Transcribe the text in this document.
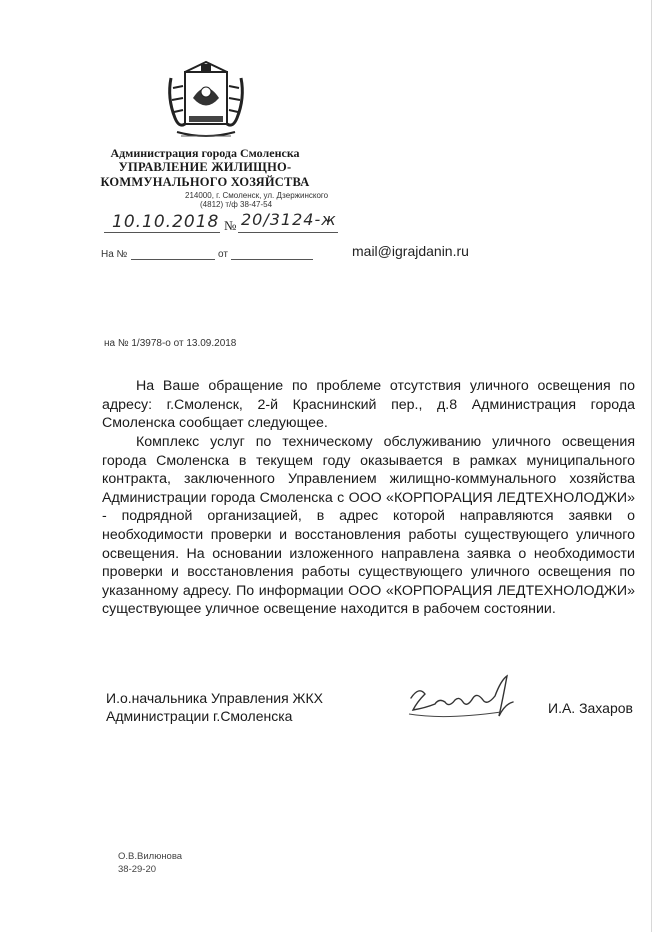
Администрация города Смоленска
УПРАВЛЕНИЕ ЖИЛИЩНО-
КОММУНАЛЬНОГО ХОЗЯЙСТВА
214000, г. Смоленск, ул. Дзержинского
(4812) т/ф 38-47-54
10.10.2018 № 20/3124-ж
На №	от	mail@igrajdanin.ru
на № 1/3978-о от 13.09.2018
На Ваше обращение по проблеме отсутствия уличного освещения по адресу: г.Смоленск, 2-й Краснинский пер., д.8 Администрация города Смоленска сообщает следующее.
Комплекс услуг по техническому обслуживанию уличного освещения города Смоленска в текущем году оказывается в рамках муниципального контракта, заключенного Управлением жилищно-коммунального хозяйства Администрации города Смоленска с ООО «КОРПОРАЦИЯ ЛЕДТЕХНОЛОДЖИ» - подрядной организацией, в адрес которой направляются заявки о необходимости проверки и восстановления работы существующего уличного освещения. На основании изложенного направлена заявка о необходимости проверки и восстановления работы существующего уличного освещения по указанному адресу. По информации ООО «КОРПОРАЦИЯ ЛЕДТЕХНОЛОДЖИ» существующее уличное освещение находится в рабочем состоянии.
И.о.начальника Управления ЖКХ
Администрации г.Смоленска	И.А. Захаров
О.В.Вилюнова
38-29-20
